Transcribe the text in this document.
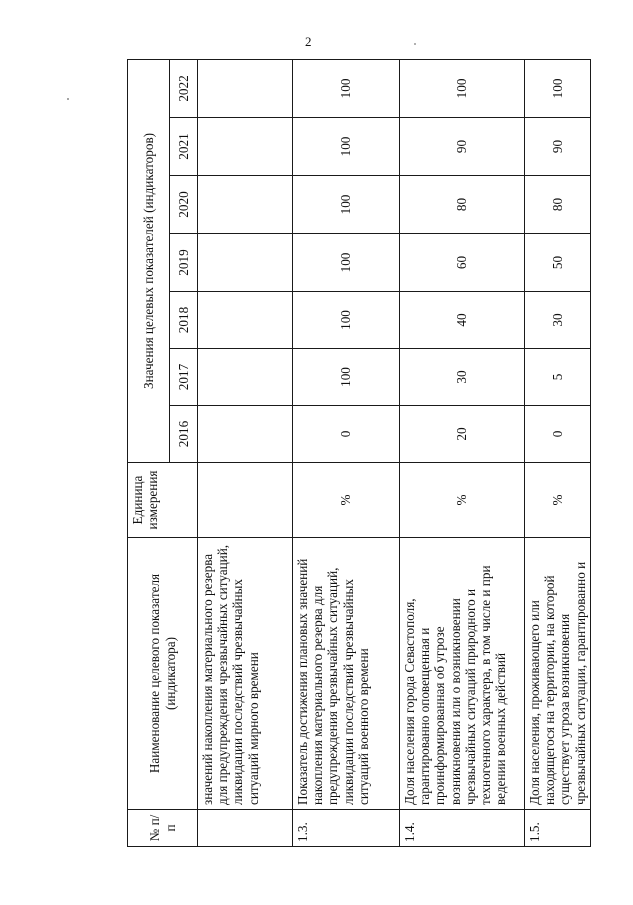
2
№ п/п	Наименование целевого показателя (индикатора)	Единица измерения	Значения целевых показателей (индикаторов)						
			2016	2017	2018	2019	2020	2021	2022
	значений накопления материального резерва для предупреждения чрезвычайных ситуаций, ликвидации последствий чрезвычайных ситуаций мирного времени								
1.3.	Показатель достижения плановых значений накопления материального резерва для предупреждения чрезвычайных ситуаций, ликвидации последствий чрезвычайных ситуаций военного времени	%	0	100	100	100	100	100	100
1.4.	Доля населения города Севастополя, гарантированно оповещенная и проинформированная об угрозе возникновения или о возникновении чрезвычайных ситуаций природного и техногенного характера, в том числе и при ведении военных действий	%	20	30	40	60	80	90	100
1.5.	Доля населения, проживающего или находящегося на территории, на которой существует угроза возникновения чрезвычайных ситуации, гарантированно и	%	0	5	30	50	80	90	100
